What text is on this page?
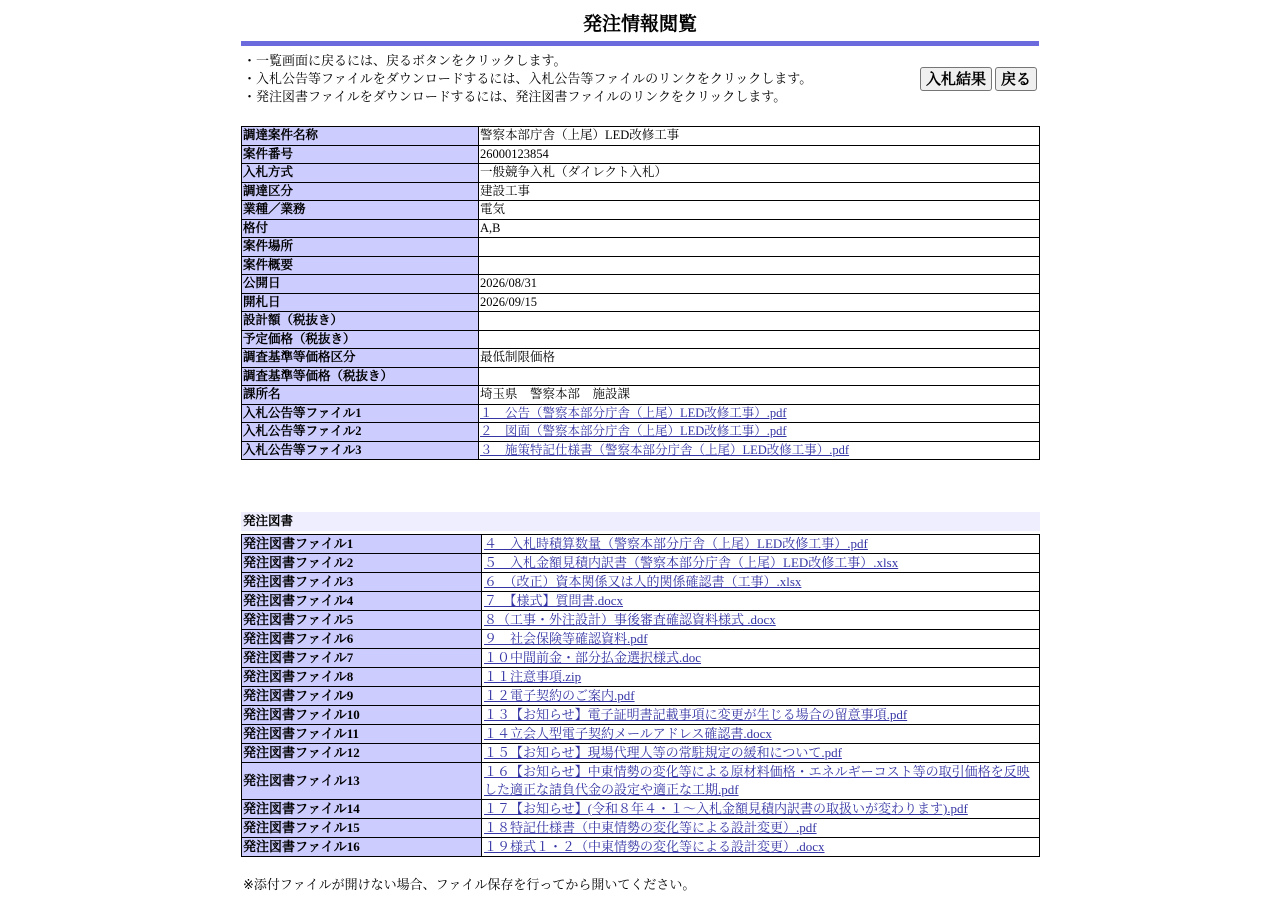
発注情報閲覧
・一覧画面に戻るには、戻るボタンをクリックします。
・入札公告等ファイルをダウンロードするには、入札公告等ファイルのリンクをクリックします。
・発注図書ファイルをダウンロードするには、発注図書ファイルのリンクをクリックします。
入札結果	戻る
調達案件名称	警察本部庁舎（上尾）LED改修工事
案件番号	26000123854
入札方式	一般競争入札（ダイレクト入札）
調達区分	建設工事
業種／業務	電気
格付	A,B
案件場所	
案件概要	
公開日	2026/08/31
開札日	2026/09/15
設計額（税抜き）	
予定価格（税抜き）	
調査基準等価格区分	最低制限価格
調査基準等価格（税抜き）	
課所名	埼玉県　警察本部　施設課
入札公告等ファイル1	１　公告（警察本部分庁舎（上尾）LED改修工事）.pdf
入札公告等ファイル2	２　図面（警察本部分庁舎（上尾）LED改修工事）.pdf
入札公告等ファイル3	３　施策特記仕様書（警察本部分庁舎（上尾）LED改修工事）.pdf
発注図書
発注図書ファイル1	４　入札時積算数量（警察本部分庁舎（上尾）LED改修工事）.pdf
発注図書ファイル2	５　入札金額見積内訳書（警察本部分庁舎（上尾）LED改修工事）.xlsx
発注図書ファイル3	６　（改正）資本関係又は人的関係確認書（工事）.xlsx
発注図書ファイル4	７　【様式】質問書.docx
発注図書ファイル5	８（工事・外注設計）事後審査確認資料様式 .docx
発注図書ファイル6	９　社会保険等確認資料.pdf
発注図書ファイル7	１０中間前金・部分払金選択様式.doc
発注図書ファイル8	１１注意事項.zip
発注図書ファイル9	１２電子契約のご案内.pdf
発注図書ファイル10	１３【お知らせ】電子証明書記載事項に変更が生じる場合の留意事項.pdf
発注図書ファイル11	１４立会人型電子契約メールアドレス確認書.docx
発注図書ファイル12	１５【お知らせ】現場代理人等の常駐規定の緩和について.pdf
発注図書ファイル13	１６【お知らせ】中東情勢の変化等による原材料価格・エネルギーコスト等の取引価格を反映した適正な請負代金の設定や適正な工期.pdf
発注図書ファイル14	１７【お知らせ】(令和８年４・１～入札金額見積内訳書の取扱いが変わります).pdf
発注図書ファイル15	１８特記仕様書（中東情勢の変化等による設計変更）.pdf
発注図書ファイル16	１９様式１・２（中東情勢の変化等による設計変更）.docx
※添付ファイルが開けない場合、ファイル保存を行ってから開いてください。
